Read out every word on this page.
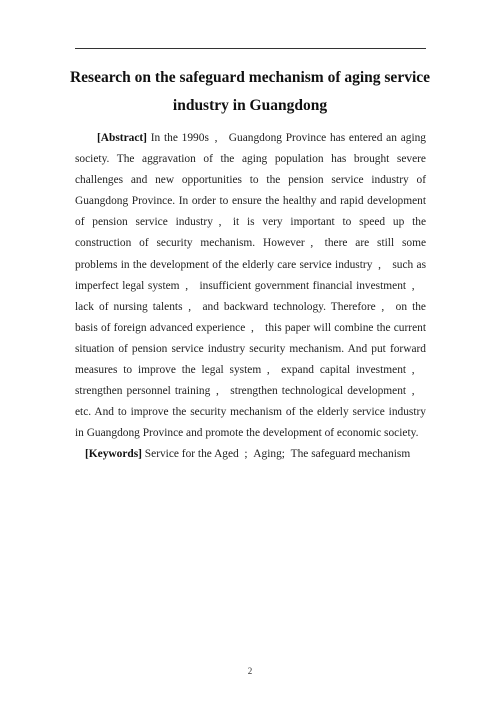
Research on the safeguard mechanism of aging service industry in Guangdong

[Abstract] In the 1990s ,  Guangdong Province has entered an aging society. The aggravation of the aging population has brought severe challenges and new opportunities to the pension service industry of Guangdong Province. In order to ensure the healthy and rapid development of pension service industry ,  it is very important to speed up the construction of security mechanism. However ,  there are still some problems in the development of the elderly care service industry ,  such as imperfect legal system ,  insufficient government financial investment ,  lack of nursing talents ,  and backward technology. Therefore ,  on the basis of foreign advanced experience ,  this paper will combine the current situation of pension service industry security mechanism. And put forward measures to improve the legal system ,  expand capital investment ,  strengthen personnel training ,  strengthen technological development ,  etc. And to improve the security mechanism of the elderly service industry in Guangdong Province and promote the development of economic society.

[Keywords] Service for the Aged ; Aging; The safeguard mechanism

2
